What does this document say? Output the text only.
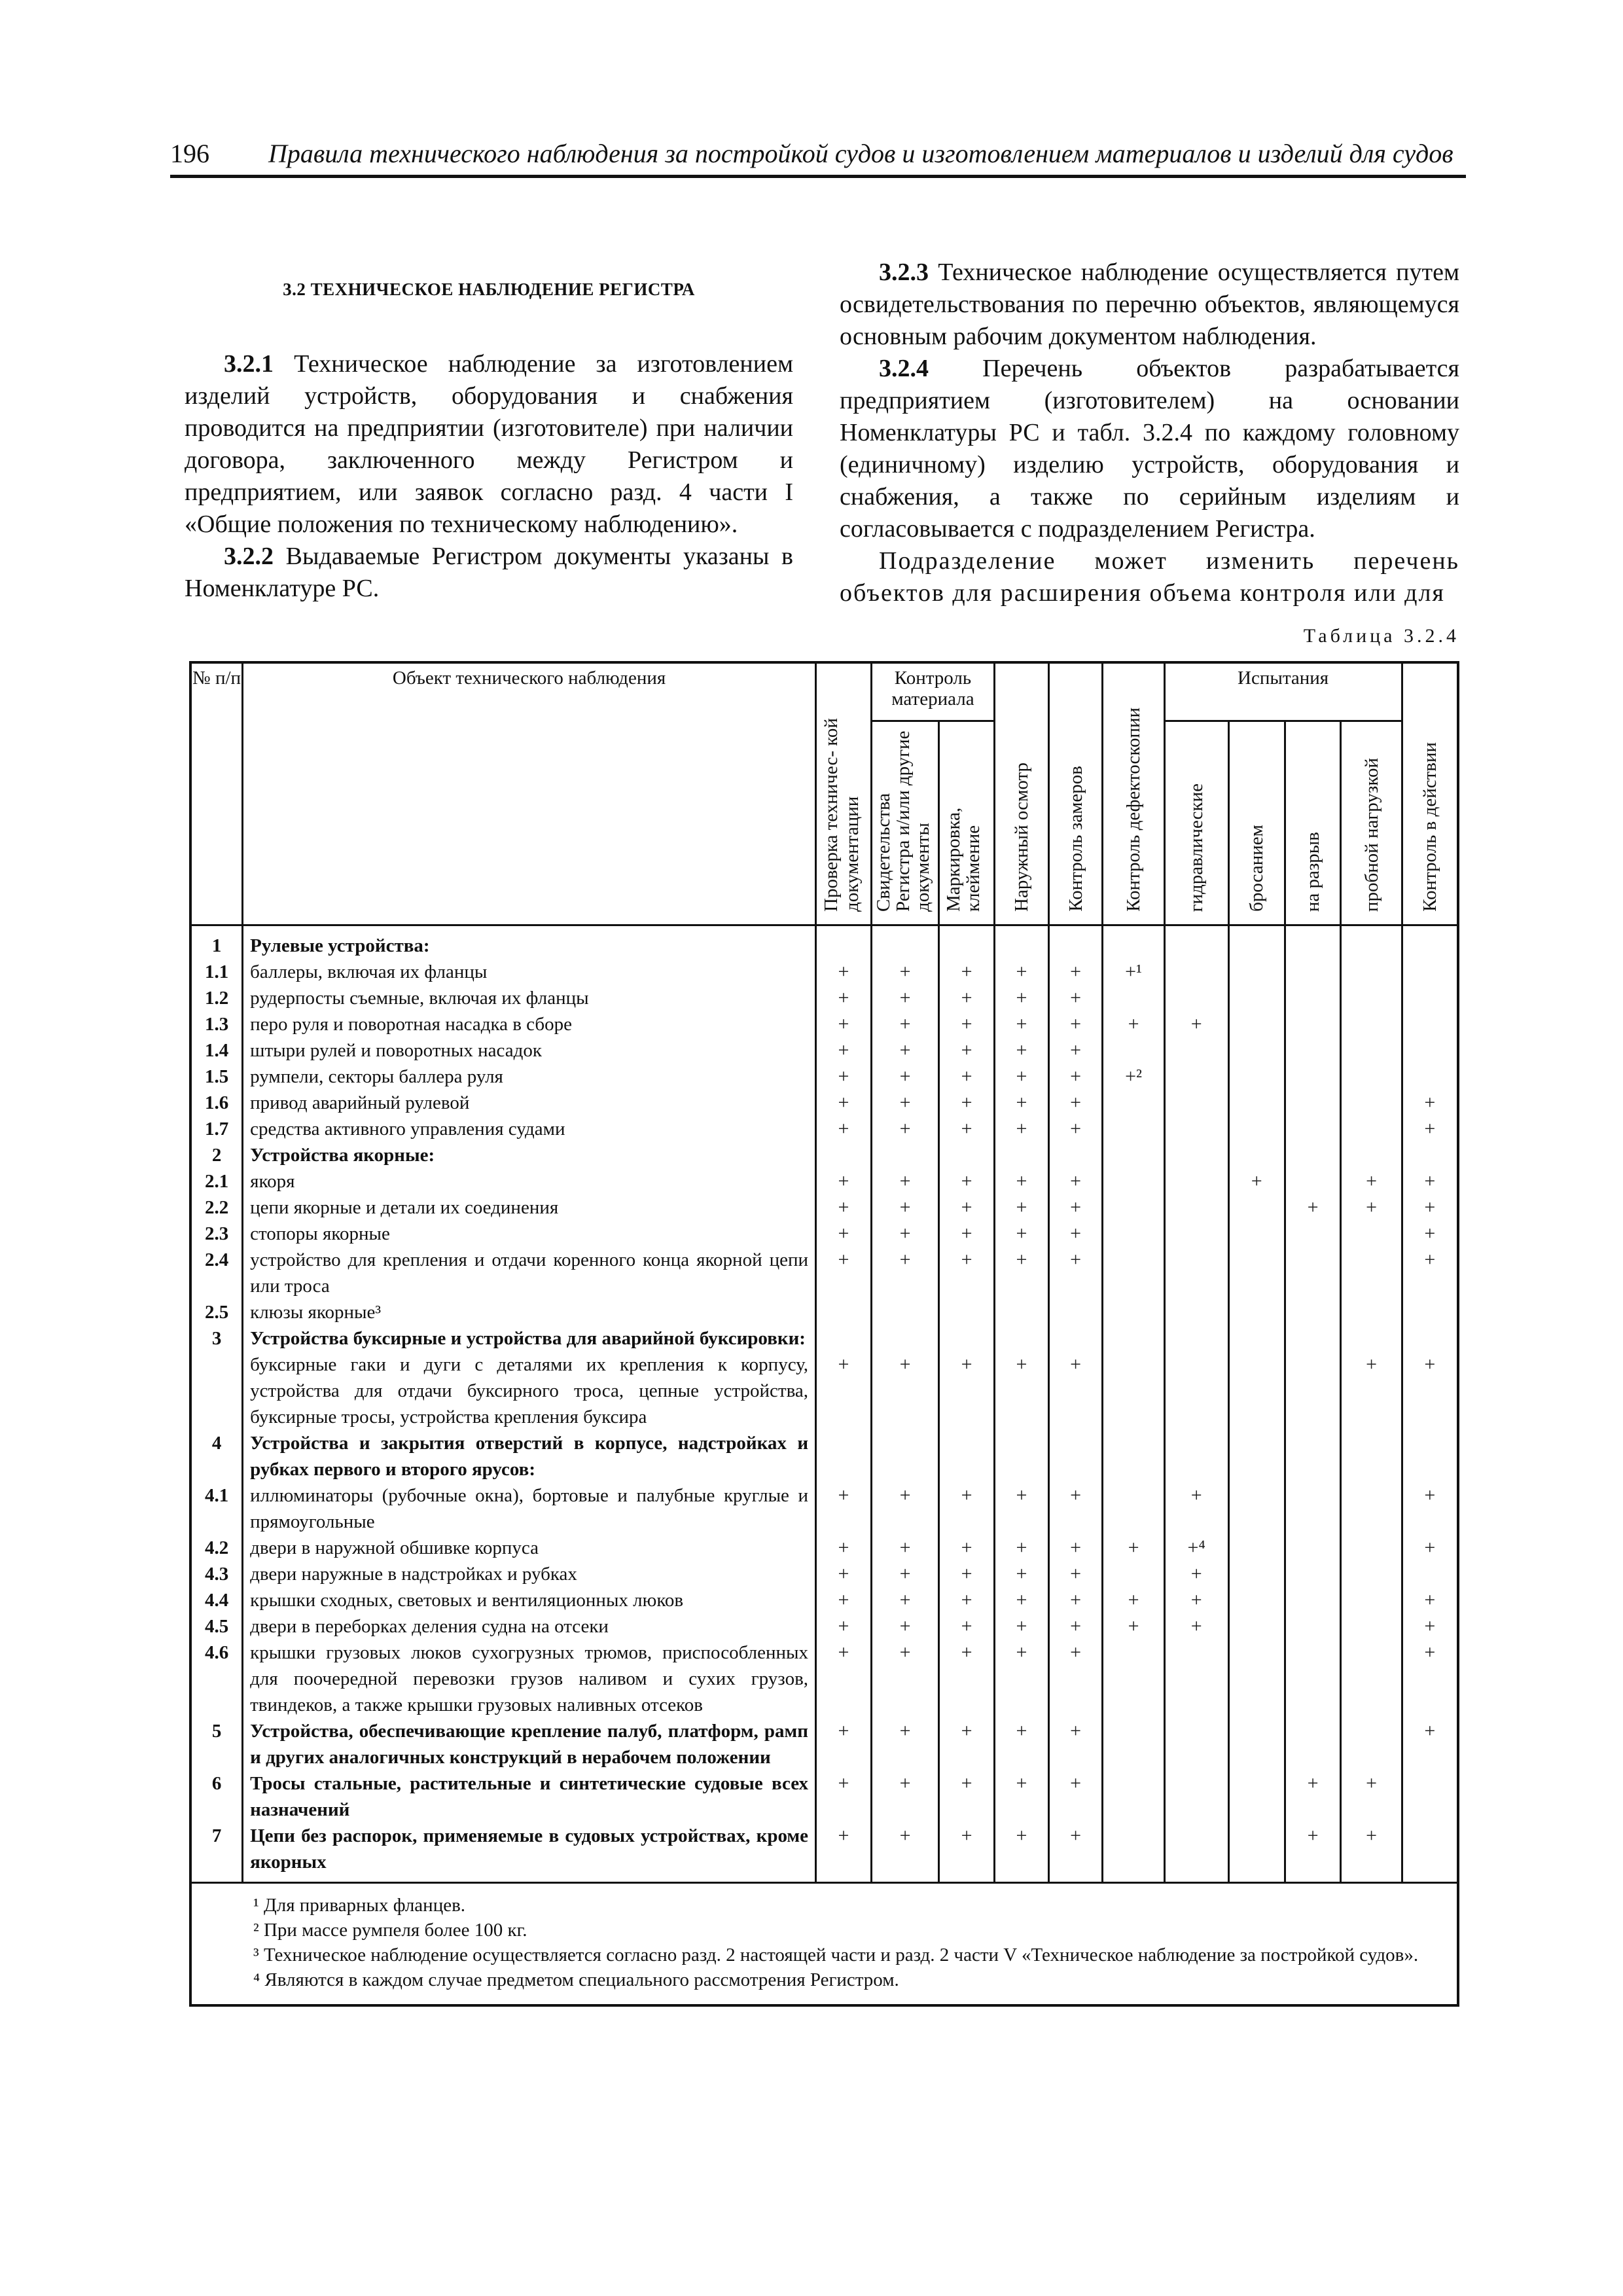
196 Правила технического наблюдения за постройкой судов и изготовлением материалов и изделий для судов

3.2 ТЕХНИЧЕСКОЕ НАБЛЮДЕНИЕ РЕГИСТРА

3.2.1 Техническое наблюдение за изготовлением изделий устройств, оборудования и снабжения проводится на предприятии (изготовителе) при наличии договора, заключенного между Регистром и предприятием, или заявок согласно разд. 4 части I «Общие положения по техническому наблюдению».

3.2.2 Выдаваемые Регистром документы указаны в Номенклатуре РС.

3.2.3 Техническое наблюдение осуществляется путем освидетельствования по перечню объектов, являющемуся основным рабочим документом наблюдения.

3.2.4 Перечень объектов разрабатывается предприятием (изготовителем) на основании Номенклатуры РС и табл. 3.2.4 по каждому головному (единичному) изделию устройств, оборудования и снабжения, а также по серийным изделиям и согласовывается с подразделением Регистра.

Подразделение может изменить перечень объектов для расширения объема контроля или для

Таблица 3.2.4
№ п/п	Объект технического наблюдения	Проверка техничес- кой документации	Контроль материала		Наружный осмотр	Контроль замеров	Контроль дефектоскопии	Испытания				Контроль в действии
			Свидетельства Регистра и/или другие документы	Маркировка, клеймение				гидравлические	бросанием	на разрыв	пробной нагрузкой	
1	Рулевые устройства:											
1.1	баллеры, включая их фланцы	+	+	+	+	+	+¹					
1.2	рудерпосты съемные, включая их фланцы	+	+	+	+	+						
1.3	перо руля и поворотная насадка в сборе	+	+	+	+	+	+	+				
1.4	штыри рулей и поворотных насадок	+	+	+	+	+						
1.5	румпели, секторы баллера руля	+	+	+	+	+	+²					
1.6	привод аварийный рулевой	+	+	+	+	+						+
1.7	средства активного управления судами	+	+	+	+	+						+
2	Устройства якорные:											
2.1	якоря	+	+	+	+	+			+		+	+
2.2	цепи якорные и детали их соединения	+	+	+	+	+				+	+	+
2.3	стопоры якорные	+	+	+	+	+						+
2.4	устройство для крепления и отдачи коренного конца якорной цепи или троса	+	+	+	+	+						+
2.5	клюзы якорные³											
3	Устройства буксирные и устройства для аварийной буксировки:											
	буксирные гаки и дуги с деталями их крепления к корпусу, устройства для отдачи буксирного троса, цепные устройства, буксирные тросы, устройства крепления буксира	+	+	+	+	+					+	+
4	Устройства и закрытия отверстий в корпусе, надстройках и рубках первого и второго ярусов:											
4.1	иллюминаторы (рубочные окна), бортовые и палубные круглые и прямоугольные	+	+	+	+	+		+				+
4.2	двери в наружной обшивке корпуса	+	+	+	+	+	+	+⁴				+
4.3	двери наружные в надстройках и рубках	+	+	+	+	+		+				
4.4	крышки сходных, световых и вентиляционных люков	+	+	+	+	+	+	+				+
4.5	двери в переборках деления судна на отсеки	+	+	+	+	+	+	+				+
4.6	крышки грузовых люков сухогрузных трюмов, приспособленных для поочередной перевозки грузов наливом и сухих грузов, твиндеков, а также крышки грузовых наливных отсеков	+	+	+	+	+						+
5	Устройства, обеспечивающие крепление палуб, платформ, рамп и других аналогичных конструкций в нерабочем положении	+	+	+	+	+						+
6	Тросы стальные, растительные и синтетические судовые всех назначений	+	+	+	+	+				+	+	
7	Цепи без распорок, применяемые в судовых устройствах, кроме якорных	+	+	+	+	+				+	+	

¹ Для приварных фланцев.

² При массе румпеля более 100 кг.

³ Техническое наблюдение осуществляется согласно разд. 2 настоящей части и разд. 2 части V «Техническое наблюдение за постройкой судов».

⁴ Являются в каждом случае предметом специального рассмотрения Регистром.												
